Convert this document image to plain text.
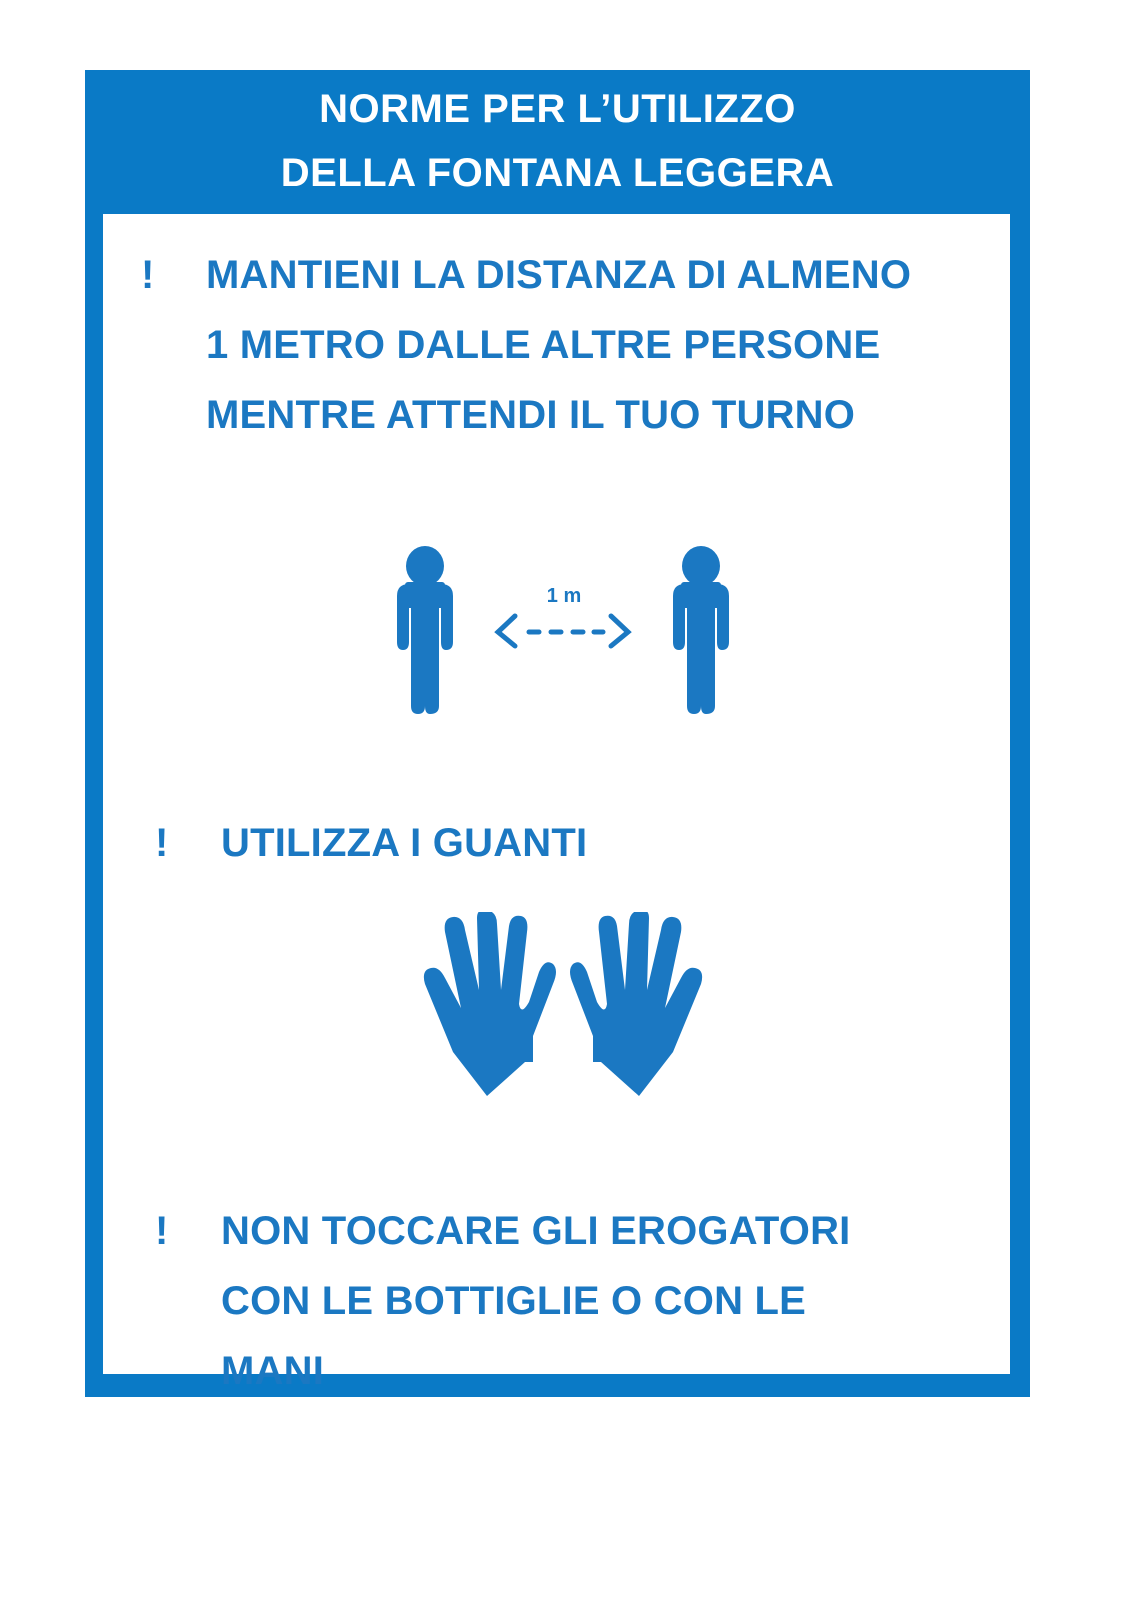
NORME PER L’UTILIZZO
DELLA FONTANA LEGGERA
!	MANTIENI LA DISTANZA DI ALMENO
1 METRO DALLE ALTRE PERSONE
MENTRE ATTENDI IL TUO TURNO
1 m
!	UTILIZZA I GUANTI
!	NON TOCCARE GLI EROGATORI
CON LE BOTTIGLIE O CON LE
MANI
